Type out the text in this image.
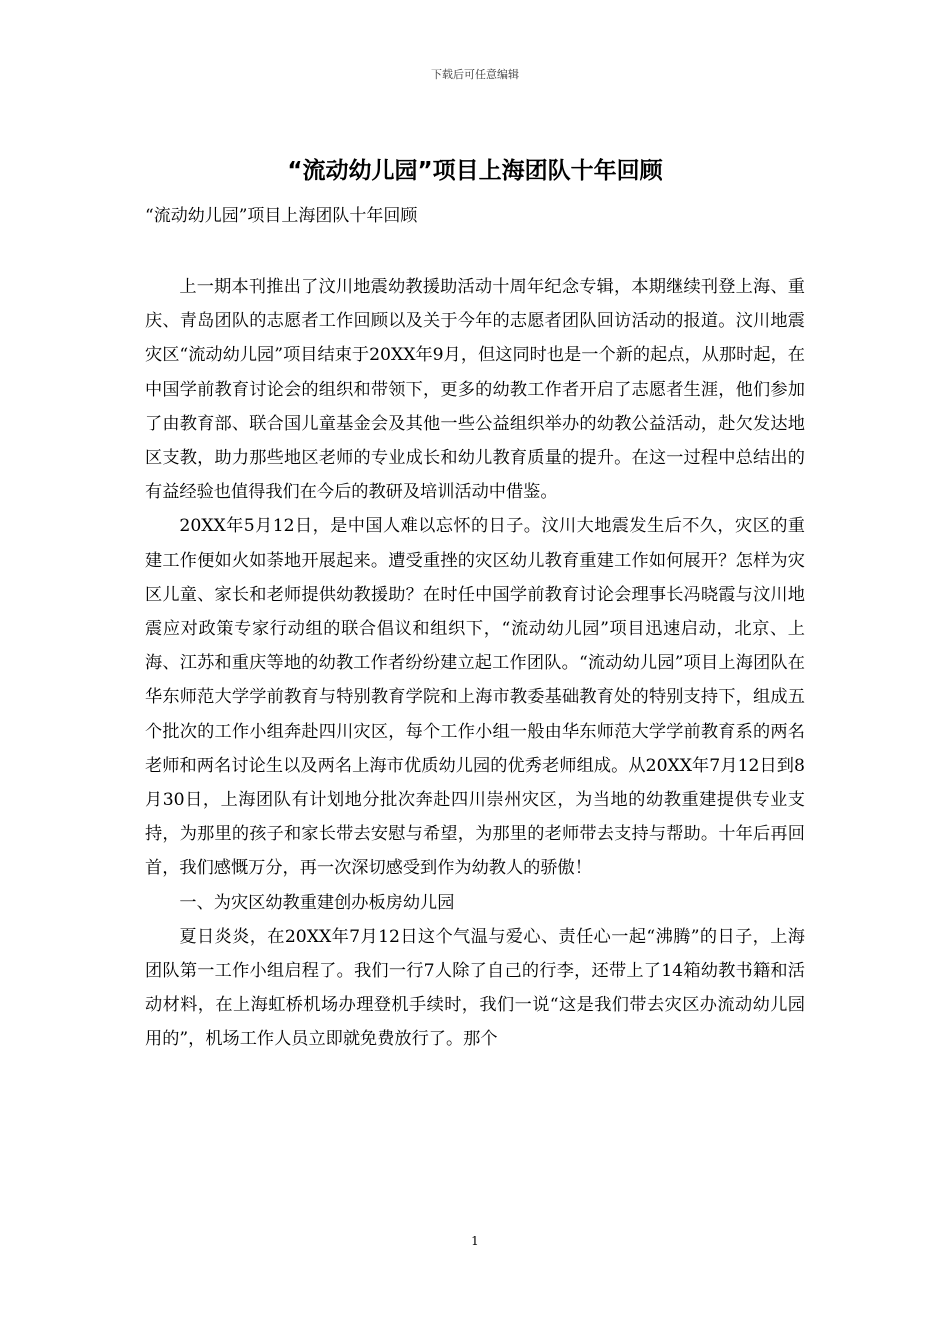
下载后可任意编辑
“流动幼儿园”项目上海团队十年回顾

“流动幼儿园”项目上海团队十年回顾

上一期本刊推出了汶川地震幼教援助活动十周年纪念专辑，本期继续刊登上海、重庆、青岛团队的志愿者工作回顾以及关于今年的志愿者团队回访活动的报道。汶川地震灾区“流动幼儿园”项目结束于20XX年9月，但这同时也是一个新的起点，从那时起，在中国学前教育讨论会的组织和带领下，更多的幼教工作者开启了志愿者生涯，他们参加了由教育部、联合国儿童基金会及其他一些公益组织举办的幼教公益活动，赴欠发达地区支教，助力那些地区老师的专业成长和幼儿教育质量的提升。在这一过程中总结出的有益经验也值得我们在今后的教研及培训活动中借鉴。

20XX年5月12日，是中国人难以忘怀的日子。汶川大地震发生后不久，灾区的重建工作便如火如荼地开展起来。遭受重挫的灾区幼儿教育重建工作如何展开？怎样为灾区儿童、家长和老师提供幼教援助？在时任中国学前教育讨论会理事长冯晓霞与汶川地震应对政策专家行动组的联合倡议和组织下，“流动幼儿园”项目迅速启动，北京、上海、江苏和重庆等地的幼教工作者纷纷建立起工作团队。“流动幼儿园”项目上海团队在华东师范大学学前教育与特别教育学院和上海市教委基础教育处的特别支持下，组成五个批次的工作小组奔赴四川灾区，每个工作小组一般由华东师范大学学前教育系的两名老师和两名讨论生以及两名上海市优质幼儿园的优秀老师组成。从20XX年7月12日到8月30日，上海团队有计划地分批次奔赴四川崇州灾区，为当地的幼教重建提供专业支持，为那里的孩子和家长带去安慰与希望，为那里的老师带去支持与帮助。十年后再回首，我们感慨万分，再一次深切感受到作为幼教人的骄傲！

一、为灾区幼教重建创办板房幼儿园

夏日炎炎，在20XX年7月12日这个气温与爱心、责任心一起“沸腾”的日子，上海团队第一工作小组启程了。我们一行7人除了自己的行李，还带上了14箱幼教书籍和活动材料，在上海虹桥机场办理登机手续时，我们一说“这是我们带去灾区办流动幼儿园用的”，机场工作人员立即就免费放行了。那个

1
